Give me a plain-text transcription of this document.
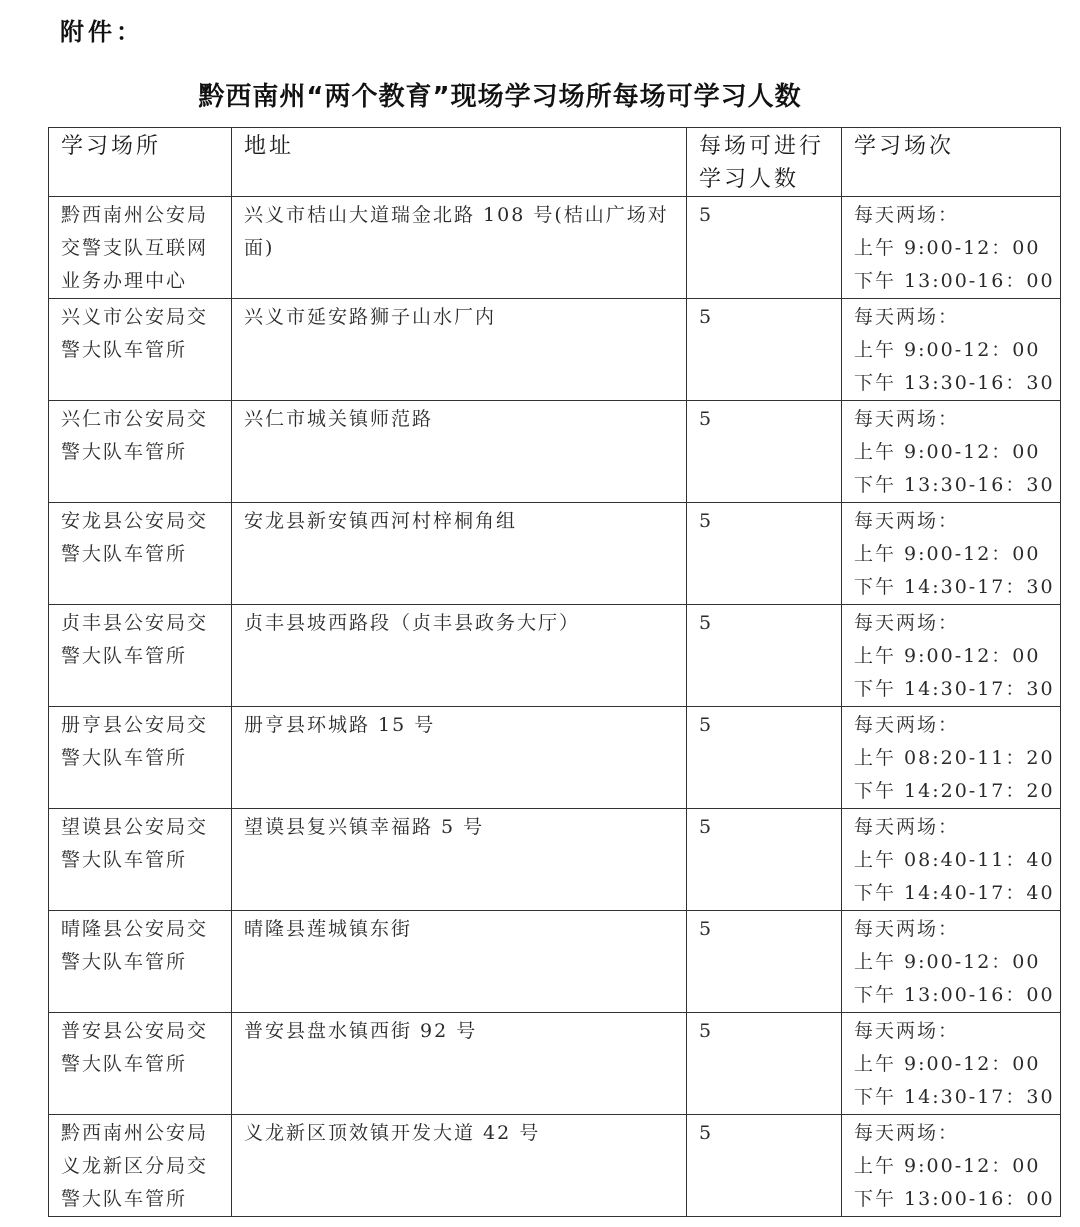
附件：
黔西南州“两个教育”现场学习场所每场可学习人数
学习场所	地址	每场可进行学习人数	学习场次
黔西南州公安局交警支队互联网业务办理中心	兴义市桔山大道瑞金北路 108 号(桔山广场对面)	5	每天两场：
上午 9:00-12：00
下午 13:00-16：00

兴义市公安局交警大队车管所	兴义市延安路狮子山水厂内	5	每天两场：
上午 9:00-12：00
下午 13:30-16：30

兴仁市公安局交警大队车管所	兴仁市城关镇师范路	5	每天两场：
上午 9:00-12：00
下午 13:30-16：30

安龙县公安局交警大队车管所	安龙县新安镇西河村梓桐角组	5	每天两场：
上午 9:00-12：00
下午 14:30-17：30

贞丰县公安局交警大队车管所	贞丰县坡西路段（贞丰县政务大厅）	5	每天两场：
上午 9:00-12：00
下午 14:30-17：30

册亨县公安局交警大队车管所	册亨县环城路 15 号	5	每天两场：
上午 08:20-11：20
下午 14:20-17：20

望谟县公安局交警大队车管所	望谟县复兴镇幸福路 5 号	5	每天两场：
上午 08:40-11：40
下午 14:40-17：40

晴隆县公安局交警大队车管所	晴隆县莲城镇东街	5	每天两场：
上午 9:00-12：00
下午 13:00-16：00

普安县公安局交警大队车管所	普安县盘水镇西街 92 号	5	每天两场：
上午 9:00-12：00
下午 14:30-17：30

黔西南州公安局义龙新区分局交警大队车管所	义龙新区顶效镇开发大道 42 号	5	每天两场：
上午 9:00-12：00
下午 13:00-16：00
